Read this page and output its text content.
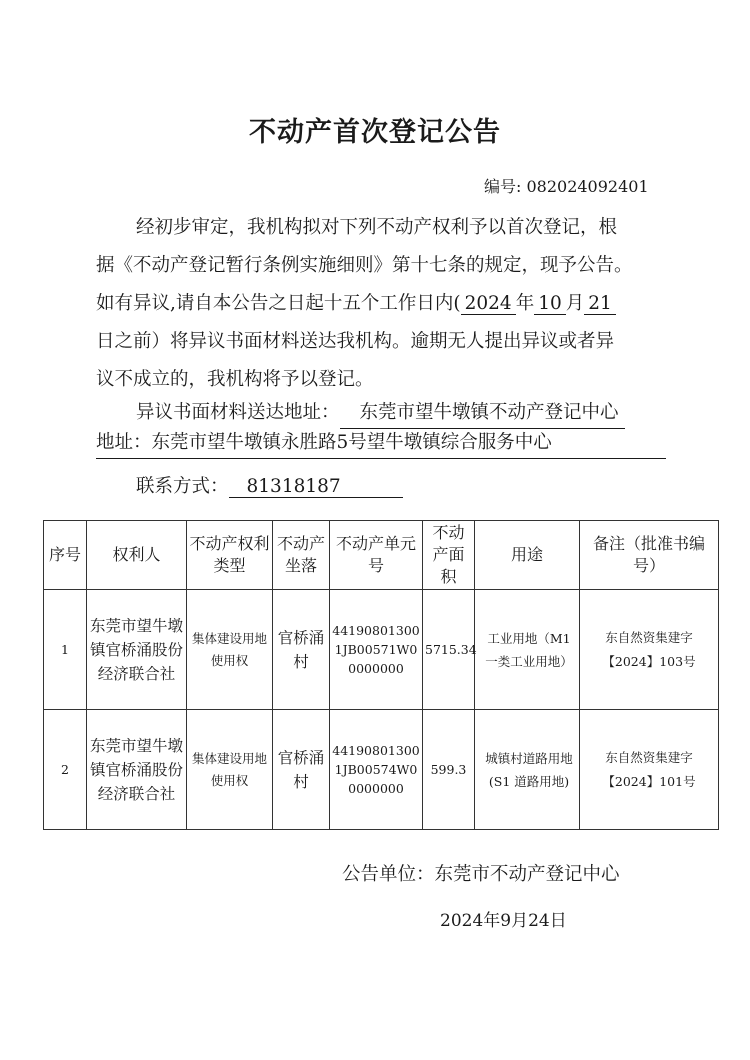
不动产首次登记公告
编号: 082024092401
经初步审定，我机构拟对下列不动产权利予以首次登记，根
据《不动产登记暂行条例实施细则》第十七条的规定，现予公告。
如有异议,请自本公告之日起十五个工作日内( 2024 年 10 月 21
日之前）将异议书面材料送达我机构。逾期无人提出异议或者异
议不成立的，我机构将予以登记。
异议书面材料送达地址： 东莞市望牛墩镇不动产登记中心
地址：东莞市望牛墩镇永胜路5号望牛墩镇综合服务中心
联系方式： 81318187
序号	权利人	不动产权利类型	不动产坐落	不动产单元号	不动产面积	用途	备注（批准书编号）
1	东莞市望牛墩镇官桥涌股份经济联合社	集体建设用地使用权	官桥涌村	441908013001JB00571W00000000	5715.34	工业用地（M1 一类工业用地）	东自然资集建字【2024】103号
2	东莞市望牛墩镇官桥涌股份经济联合社	集体建设用地使用权	官桥涌村	441908013001JB00574W00000000	599.3	城镇村道路用地(S1 道路用地)	东自然资集建字【2024】101号
公告单位：东莞市不动产登记中心
2024年9月24日
